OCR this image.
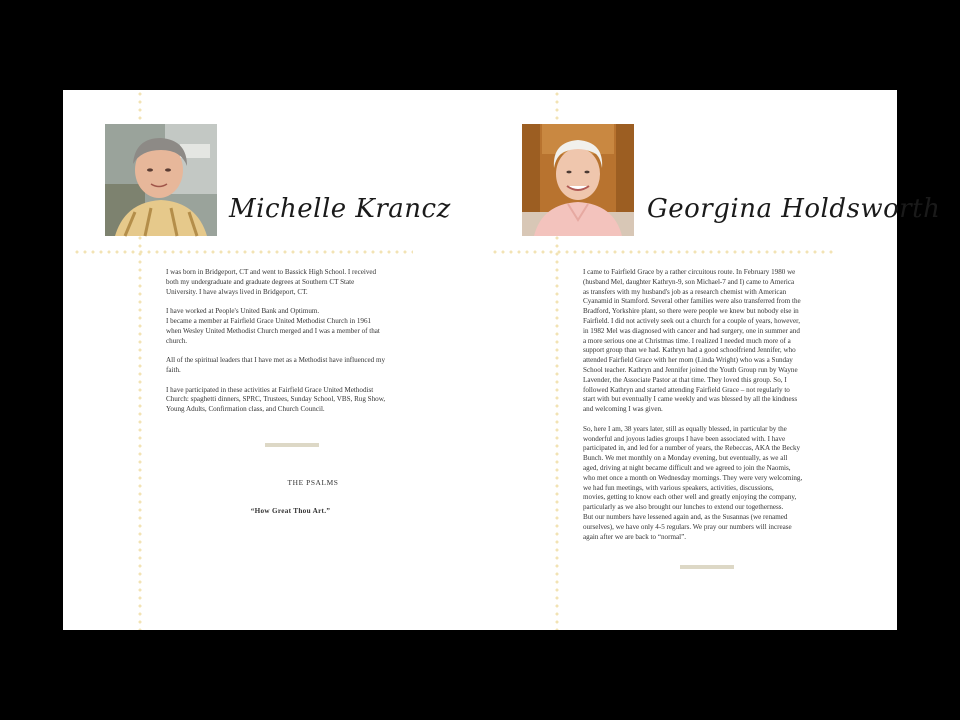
Michelle Krancz

I was born in Bridgeport, CT and went to Bassick High School. I received
both my undergraduate and graduate degrees at Southern CT State
University. I have always lived in Bridgeport, CT.

I have worked at People's United Bank and Optimum.
I became a member at Fairfield Grace United Methodist Church in 1961
when Wesley United Methodist Church merged and I was a member of that
church.

All of the spiritual leaders that I have met as a Methodist have influenced my
faith.

I have participated in these activities at Fairfield Grace United Methodist
Church: spaghetti dinners, SPRC, Trustees, Sunday School, VBS, Rug Show,
Young Adults, Confirmation class, and Church Council.

THE PSALMS
“How Great Thou Art.”
Georgina Holdsworth

I came to Fairfield Grace by a rather circuitous route. In February 1980 we
(husband Mel, daughter Kathryn-9, son Michael-7 and I) came to America
as transfers with my husband's job as a research chemist with American
Cyanamid in Stamford. Several other families were also transferred from the
Bradford, Yorkshire plant, so there were people we knew but nobody else in
Fairfield. I did not actively seek out a church for a couple of years, however,
in 1982 Mel was diagnosed with cancer and had surgery, one in summer and
a more serious one at Christmas time. I realized I needed much more of a
support group than we had. Kathryn had a good schoolfriend Jennifer, who
attended Fairfield Grace with her mom (Linda Wright) who was a Sunday
School teacher. Kathryn and Jennifer joined the Youth Group run by Wayne
Lavender, the Associate Pastor at that time. They loved this group. So, I
followed Kathryn and started attending Fairfield Grace – not regularly to
start with but eventually I came weekly and was blessed by all the kindness
and welcoming I was given.

So, here I am, 38 years later, still as equally blessed, in particular by the
wonderful and joyous ladies groups I have been associated with. I have
participated in, and led for a number of years, the Rebeccas, AKA the Becky
Bunch. We met monthly on a Monday evening, but eventually, as we all
aged, driving at night became difficult and we agreed to join the Naomis,
who met once a month on Wednesday mornings. They were very welcoming,
we had fun meetings, with various speakers, activities, discussions,
movies, getting to know each other well and greatly enjoying the company,
particularly as we also brought our lunches to extend our togetherness.
But our numbers have lessened again and, as the Susannas (we renamed
ourselves), we have only 4-5 regulars. We pray our numbers will increase
again after we are back to “normal”.
